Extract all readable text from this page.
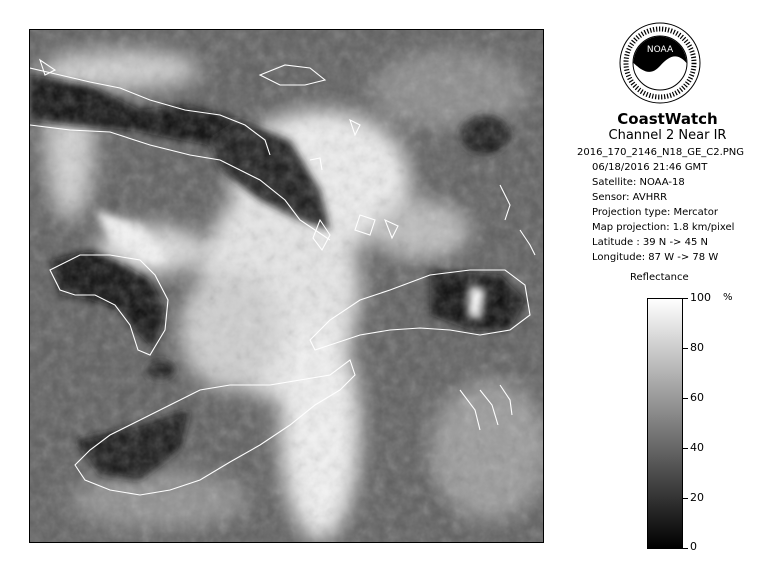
NOAA
CoastWatch
Channel 2 Near IR
2016_170_2146_N18_GE_C2.PNG
06/18/2016 21:46 GMT
Satellite: NOAA-18
Sensor: AVHRR
Projection type: Mercator
Map projection: 1.8 km/pixel
Latitude : 39 N -> 45 N
Longitude: 87 W -> 78 W
Reflectance
%
100
80
60
40
20
0
